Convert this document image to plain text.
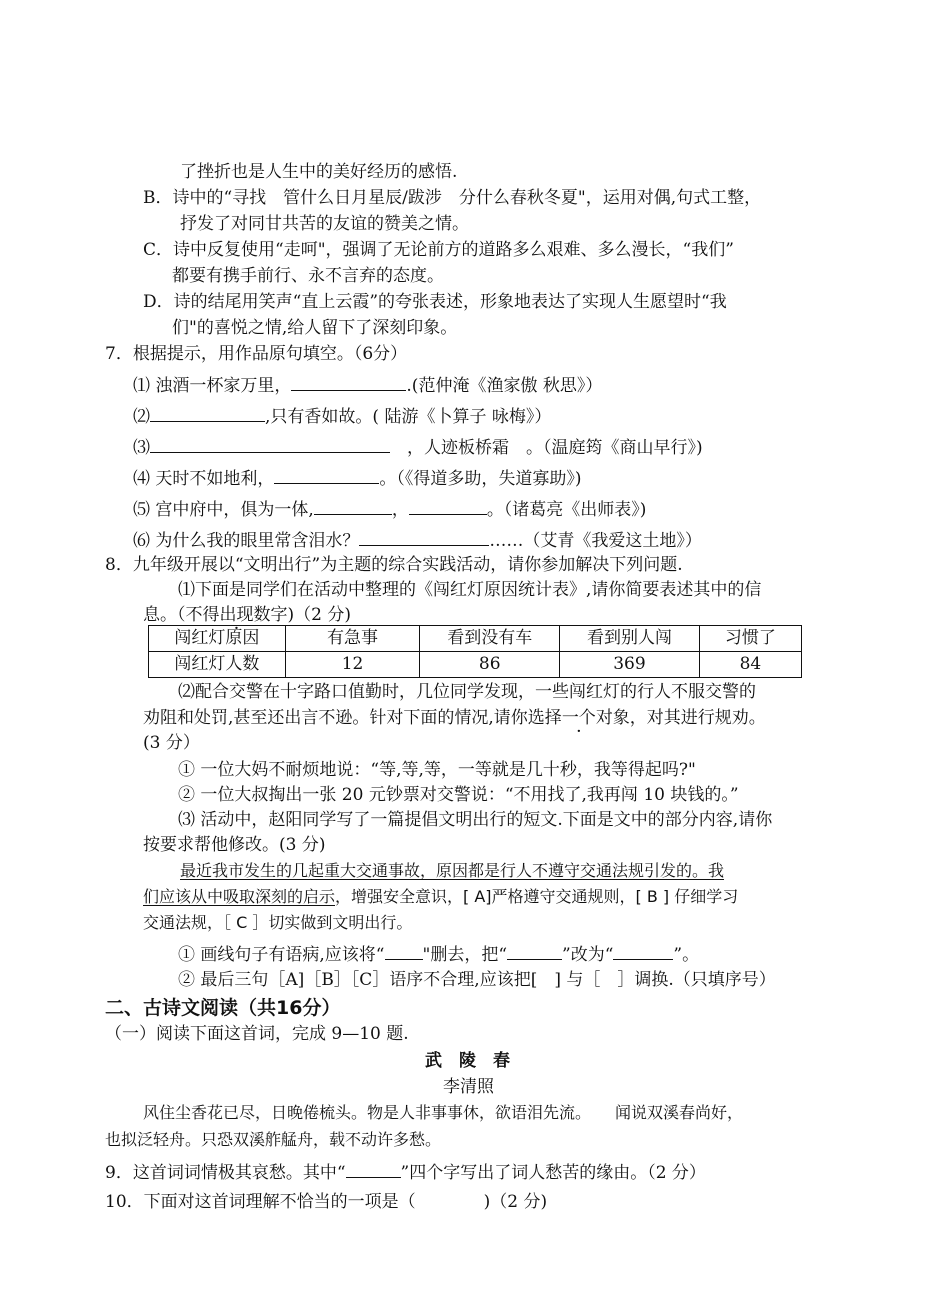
了挫折也是人生中的美好经历的感悟.
B．诗中的“寻找　管什么日月星辰/跋涉　分什么春秋冬夏"，运用对偶,句式工整，
抒发了对同甘共苦的友谊的赞美之情。
C．诗中反复使用“走呵"，强调了无论前方的道路多么艰难、多么漫长，“我们”
都要有携手前行、永不言弃的态度。
D．诗的结尾用笑声“直上云霞”的夸张表述，形象地表达了实现人生愿望时“我
们"的喜悦之情,给人留下了深刻印象。
7．根据提示，用作品原句填空。（6分）
⑴ 浊酒一杯家万里，	.(范仲淹《渔家傲 秋思》）
⑵	,只有香如故。( 陆游《卜算子 咏梅》）
⑶	　，人迹板桥霜　。（温庭筠《商山早行》)
⑷ 天时不如地利，	。（《得道多助，失道寡助》)
⑸ 宫中府中，俱为一体,	，	。（诸葛亮《出师表》)
⑹ 为什么我的眼里常含泪水？	……（艾青《我爱这土地》）
8．九年级开展以“文明出行”为主题的综合实践活动，请你参加解决下列问题.
⑴下面是同学们在活动中整理的《闯红灯原因统计表》,请你简要表述其中的信
息。（不得出现数字 ·)（2 分)
闯红灯原因	有急事	看到没有车	看到别人闯	习惯了
闯红灯人数	12	86	369	84
⑵配合交警在十字路口值勤时，几位同学发现，一些闯红灯的行人不服交警的
劝阻和处罚,甚至还出言不逊。针对下面的情况,请你选择一个对象，对其进行规劝。
(3 分）
① 一位大妈不耐烦地说：“等,等,等，一等就是几十秒，我等得起吗?"
② 一位大叔掏出一张 20 元钞票对交警说：“不用找了,我再闯 10 块钱的。”
⑶ 活动中，赵阳同学写了一篇提倡文明出行的短文.下面是文中的部分内容,请你
按要求帮他修改。(3 分)
最近我市发生的几起重大交通事故，原因都是行人不遵守交通法规引发的。我
们应该从中吸取深刻的启示，增强安全意识，[ A]严格遵守交通规则，[ B ] 仔细学习
交通法规，［ C ］切实做到文明出行。
① 画线句子有语病,应该将“ "删去，把“	”改为“	”。
② 最后三句［A]［B］［C］语序不合理,应该把[　] 与［　］调换.（只填序号）
二、古诗文阅读（共16分）
（一）阅读下面这首词，完成 9—10 题.
武　陵　春
李清照
风住尘香花已尽，日晚倦梳头。物是人非事事休，欲语泪先流。　　闻说双溪春尚好，
也拟泛轻舟。只恐双溪舴艋舟，载不动许多愁。
9．这首词词情极其哀愁。其中“	”四个字写出了词人愁苦的缘由。（2 分）
10．下面对这首词理解不恰当的一项是（　　　　)（2 分)
